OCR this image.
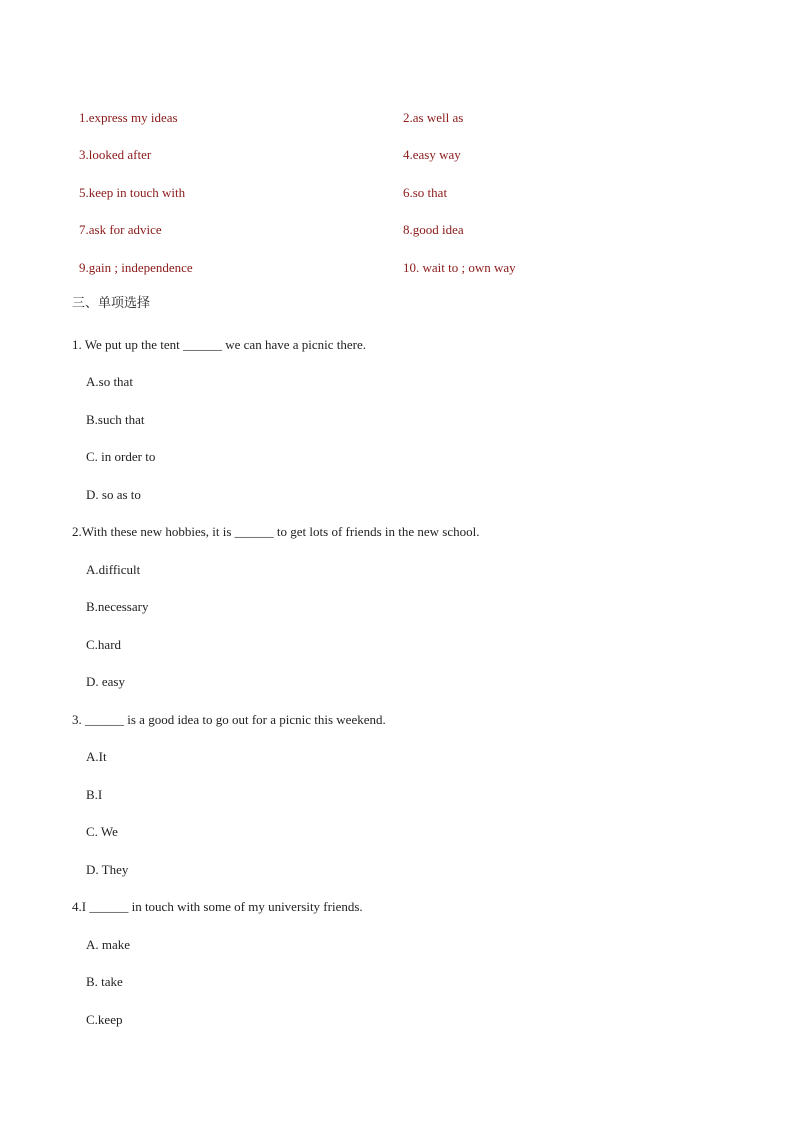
1.express my ideas	2.as well as
3.looked after	4.easy way
5.keep in touch with	6.so that
7.ask for advice	8.good idea
9.gain ; independence	10. wait to ; own way
三、单项选择
1. We put up the tent ______ we can have a picnic there.
A.so that
B.such that
C. in order to
D. so as to
2.With these new hobbies, it is ______ to get lots of friends in the new school.
A.difficult
B.necessary
C.hard
D. easy
3. ______ is a good idea to go out for a picnic this weekend.
A.It
B.I
C. We
D. They
4.I ______ in touch with some of my university friends.
A. make
B. take
C.keep
